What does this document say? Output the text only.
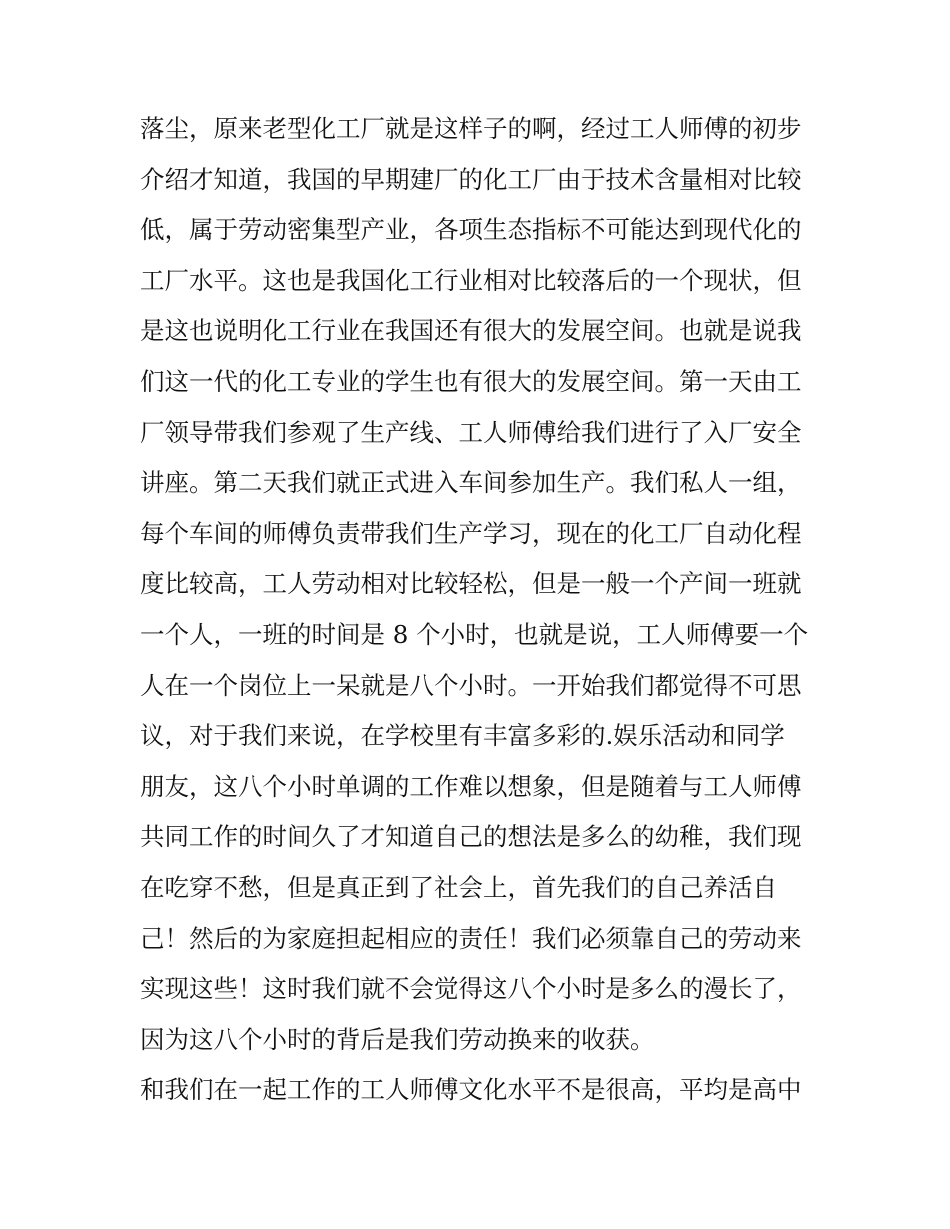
落尘，原来老型化工厂就是这样子的啊，经过工人师傅的初步
介绍才知道，我国的早期建厂的化工厂由于技术含量相对比较
低，属于劳动密集型产业，各项生态指标不可能达到现代化的
工厂水平。这也是我国化工行业相对比较落后的一个现状，但
是这也说明化工行业在我国还有很大的发展空间。也就是说我
们这一代的化工专业的学生也有很大的发展空间。第一天由工
厂领导带我们参观了生产线、工人师傅给我们进行了入厂安全
讲座。第二天我们就正式进入车间参加生产。我们私人一组，
每个车间的师傅负责带我们生产学习，现在的化工厂自动化程
度比较高，工人劳动相对比较轻松，但是一般一个产间一班就
一个人，一班的时间是 8 个小时，也就是说，工人师傅要一个
人在一个岗位上一呆就是八个小时。一开始我们都觉得不可思
议，对于我们来说，在学校里有丰富多彩的.娱乐活动和同学
朋友，这八个小时单调的工作难以想象，但是随着与工人师傅
共同工作的时间久了才知道自己的想法是多么的幼稚，我们现
在吃穿不愁，但是真正到了社会上，首先我们的自己养活自
己！然后的为家庭担起相应的责任！我们必须靠自己的劳动来
实现这些！这时我们就不会觉得这八个小时是多么的漫长了，
因为这八个小时的背后是我们劳动换来的收获。
和我们在一起工作的工人师傅文化水平不是很高，平均是高中
